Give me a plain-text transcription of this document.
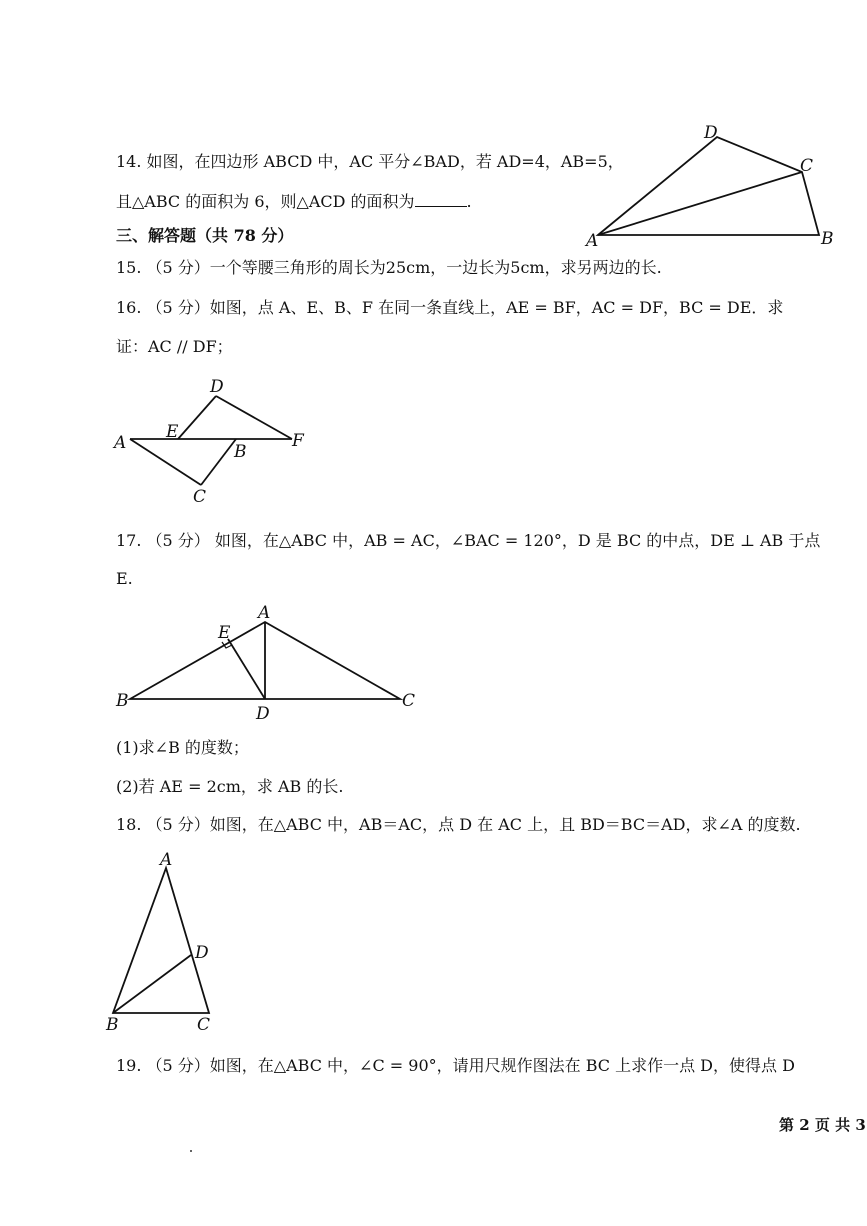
14. 如图，在四边形 ABCD 中，AC 平分∠BAD，若 AD=4，AB=5，
且△ABC 的面积为 6，则△ACD 的面积为	.
A	B
C
D
三、解答题（共 78 分）
15. （5 分）一个等腰三角形的周长为25cm，一边长为5cm，求另两边的长.
16. （5 分）如图，点 A、E、B、F 在同一条直线上，AE = BF，AC = DF，BC = DE．求
证：AC // DF；
A
E
B
F
C
D
17. （5 分） 如图，在△ABC 中，AB = AC，∠BAC = 120°，D 是 BC 的中点，DE ⊥ AB 于点
E.
A
B	C
D
E
(1)求∠B 的度数；
(2)若 AE = 2cm，求 AB 的长.
18. （5 分）如图，在△ABC 中，AB＝AC，点 D 在 AC 上，且 BD＝BC＝AD，求∠A 的度数.
A
B	C
D
19. （5 分）如图，在△ABC 中，∠C = 90°，请用尺规作图法在 BC 上求作一点 D，使得点 D
第 2 页 共 3
